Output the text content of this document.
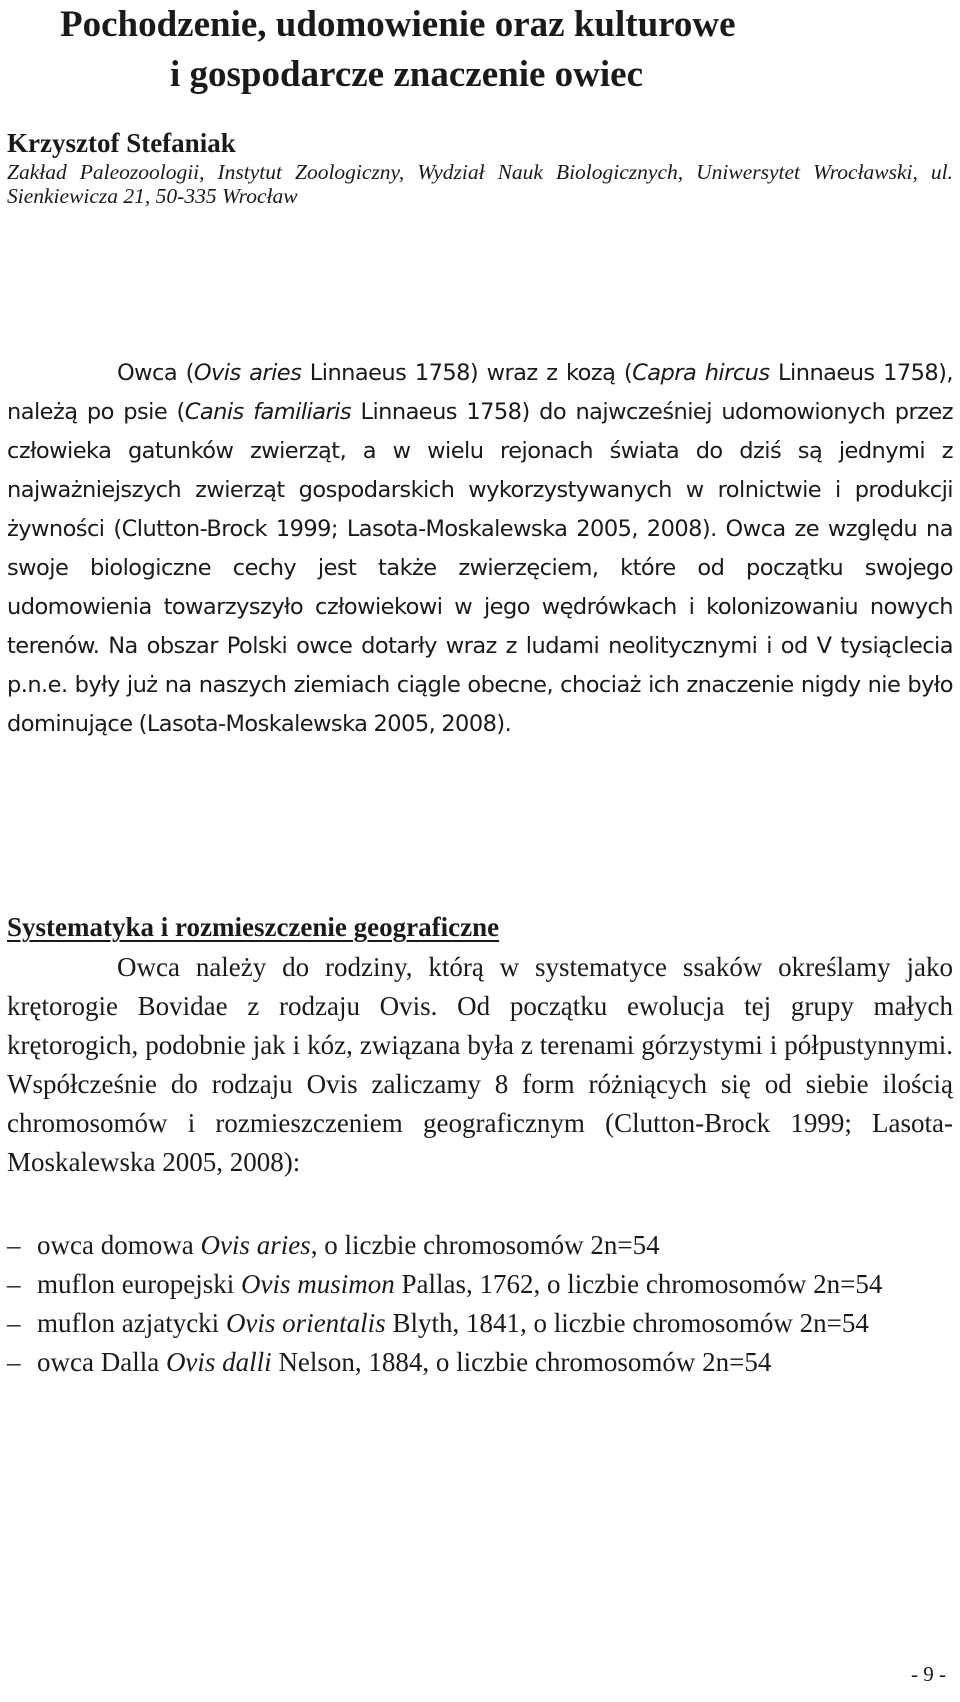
Pochodzenie, udomowienie oraz kulturowe
i gospodarcze znaczenie owiec

Krzysztof Stefaniak

Zakład Paleozoologii, Instytut Zoologiczny, Wydział Nauk Biologicznych, Uniwersytet Wrocławski, ul. Sienkiewicza 21, 50-335 Wrocław

Owca (Ovis aries Linnaeus 1758) wraz z kozą (Capra hircus Linnaeus 1758), należą po psie (Canis familiaris Linnaeus 1758) do najwcześniej udomowionych przez człowieka gatunków zwierząt, a w wielu rejonach świata do dziś są jednymi z najważniejszych zwierząt gospodarskich wykorzystywanych w rolnictwie i produkcji żywności (Clutton-Brock 1999; Lasota-Moskalewska 2005, 2008). Owca ze względu na swoje biologiczne cechy jest także zwierzęciem, które od początku swojego udomowienia towarzyszyło człowiekowi w jego wędrówkach i kolonizowaniu nowych terenów. Na obszar Polski owce dotarły wraz z ludami neolitycznymi i od V tysiąclecia p.n.e. były już na naszych ziemiach ciągle obecne, chociaż ich znaczenie nigdy nie było dominujące (Lasota-Moskalewska 2005, 2008).

Systematyka i rozmieszczenie geograficzne

Owca należy do rodziny, którą w systematyce ssaków określamy jako krętorogie Bovidae z rodzaju Ovis. Od początku ewolucja tej grupy małych krętorogich, podobnie jak i kóz, związana była z terenami górzystymi i półpustynnymi. Współcześnie do rodzaju Ovis zaliczamy 8 form różniących się od siebie ilością chromosomów i rozmieszczeniem geograficznym (Clutton-Brock 1999; Lasota-Moskalewska 2005, 2008):

– owca domowa Ovis aries, o liczbie chromosomów 2n=54
– muflon europejski Ovis musimon Pallas, 1762, o liczbie chromosomów 2n=54
– muflon azjatycki Ovis orientalis Blyth, 1841, o liczbie chromosomów 2n=54
– owca Dalla Ovis dalli Nelson, 1884, o liczbie chromosomów 2n=54
- 9 -
